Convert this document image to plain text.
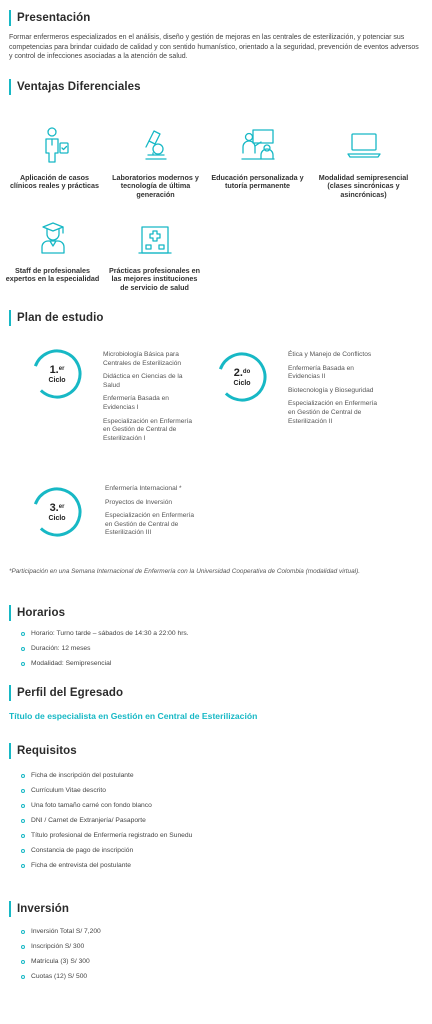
Presentación

Formar enfermeros especializados en el análisis, diseño y gestión de mejoras en las centrales de esterilización, y potenciar sus competencias para brindar cuidado de calidad y con sentido humanístico, orientado a la seguridad, prevención de eventos adversos y control de infecciones asociadas a la atención de salud.

Ventajas Diferenciales
Aplicación de casos clínicos reales y prácticas
Laboratorios modernos y tecnología de última generación
Educación personalizada y tutoría permanente
Modalidad semipresencial (clases sincrónicas y asincrónicas)
Staff de profesionales expertos en la especialidad
Prácticas profesionales en las mejores instituciones de servicio de salud
Plan de estudio
1.$^{er}$
Ciclo
Microbiología Básica para Centrales de Esterilización
Didáctica en Ciencias de la Salud
Enfermería Basada en Evidencias I
Especialización en Enfermería en Gestión de Central de Esterilización I
2.$^{do}$
Ciclo
Ética y Manejo de Conflictos
Enfermería Basada en Evidencias II
Biotecnología y Bioseguridad
Especialización en Enfermería en Gestión de Central de Esterilización II
3.$^{er}$
Ciclo
Enfermería Internacional *
Proyectos de Inversión
Especialización en Enfermería en Gestión de Central de Esterilización III

*Participación en una Semana Internacional de Enfermería con la Universidad Cooperativa de Colombia (modalidad virtual).

Horarios
Horario: Turno tarde – sábados de 14:30 a 22:00 hrs.
Duración: 12 meses
Modalidad: Semipresencial
Perfil del Egresado
Título de especialista en Gestión en Central de Esterilización
Requisitos
Ficha de inscripción del postulante
Currículum Vitae descrito
Una foto tamaño carné con fondo blanco
DNI / Carnet de Extranjería/ Pasaporte
Título profesional de Enfermería registrado en Sunedu
Constancia de pago de inscripción
Ficha de entrevista del postulante
Inversión
Inversión Total S/ 7,200
Inscripción S/ 300
Matrícula (3) S/ 300
Cuotas (12) S/ 500
